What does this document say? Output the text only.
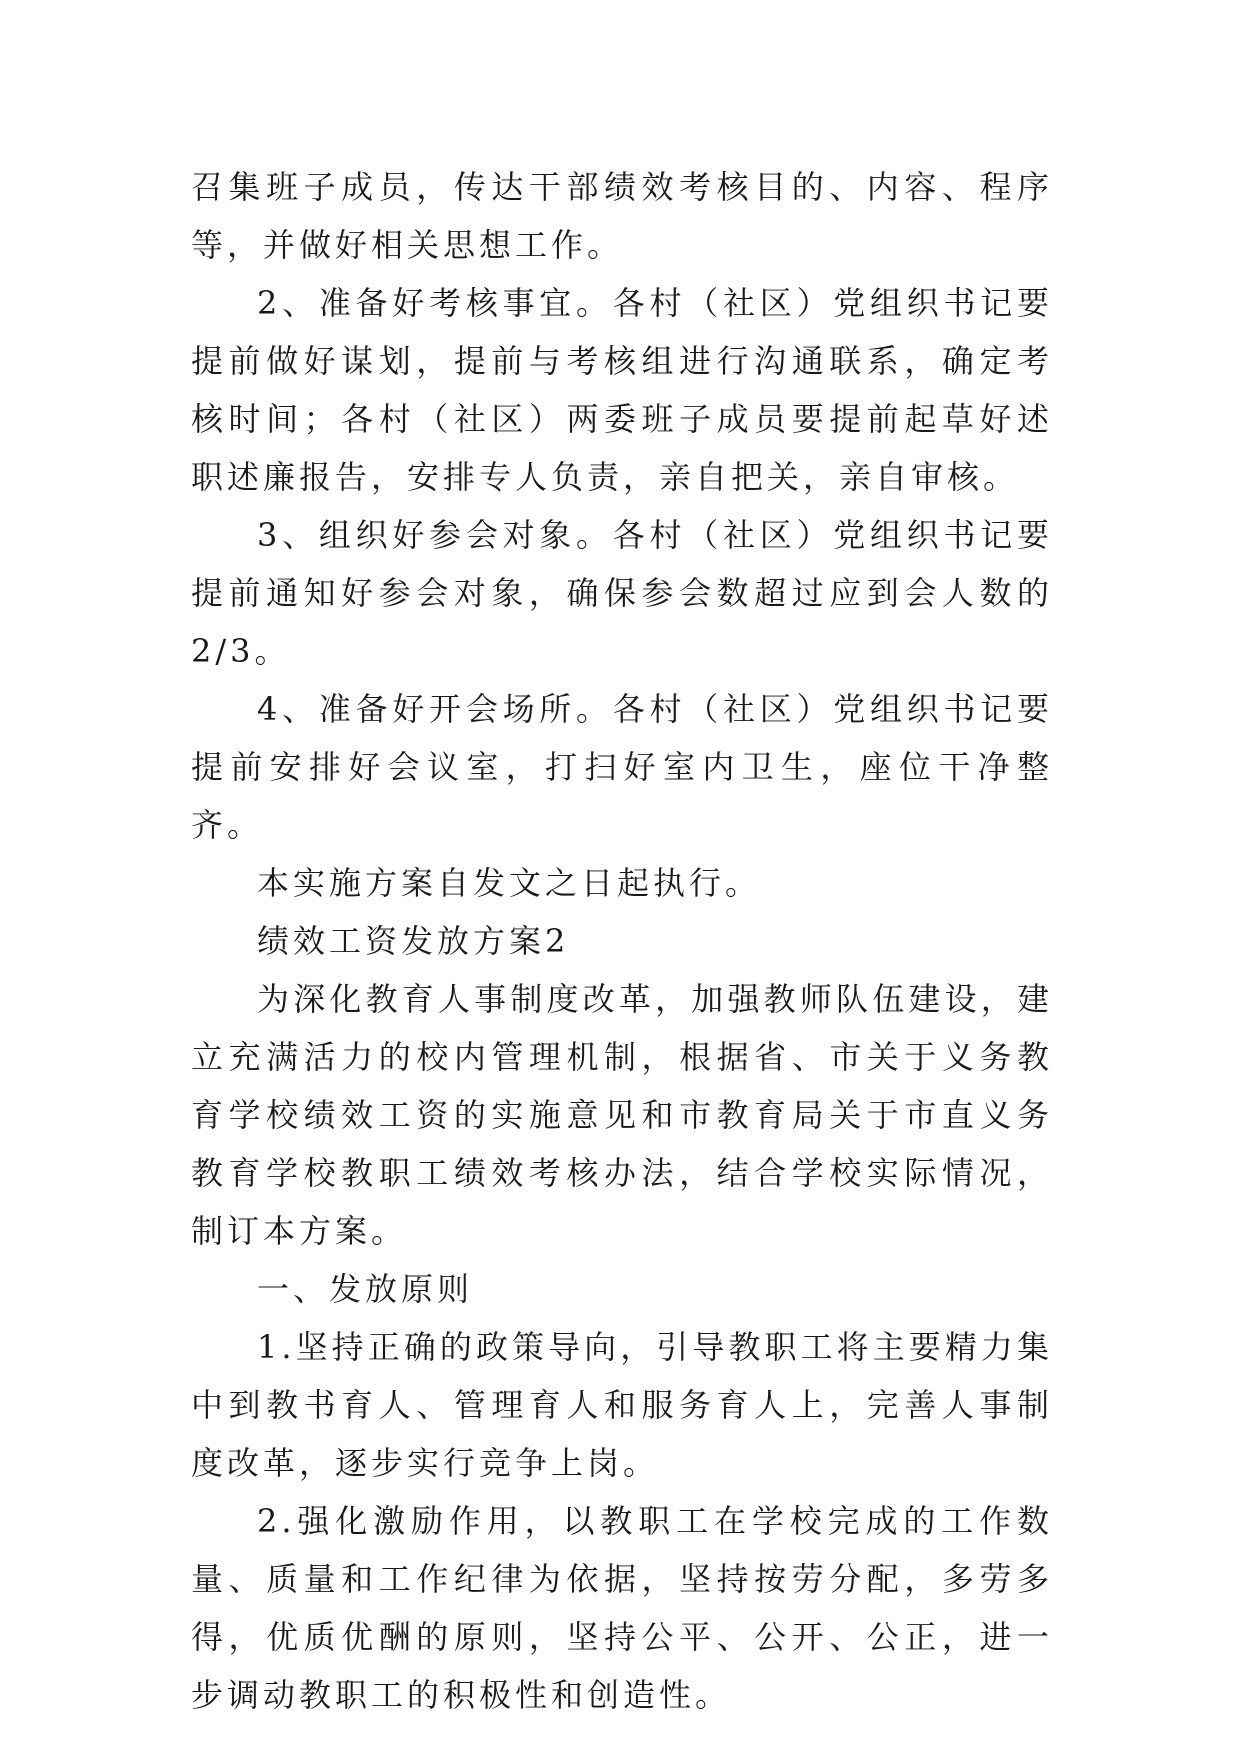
召集班子成员，传达干部绩效考核目的、内容、程序等，并做好相关思想工作。

2、准备好考核事宜。各村（社区）党组织书记要提前做好谋划，提前与考核组进行沟通联系，确定考核时间；各村（社区）两委班子成员要提前起草好述职述廉报告，安排专人负责，亲自把关，亲自审核。

3、组织好参会对象。各村（社区）党组织书记要提前通知好参会对象，确保参会数超过应到会人数的2/3。

4、准备好开会场所。各村（社区）党组织书记要提前安排好会议室，打扫好室内卫生，座位干净整齐。

本实施方案自发文之日起执行。

绩效工资发放方案2

为深化教育人事制度改革，加强教师队伍建设，建立充满活力的校内管理机制，根据省、市关于义务教育学校绩效工资的实施意见和市教育局关于市直义务教育学校教职工绩效考核办法，结合学校实际情况，制订本方案。

一、发放原则

1.坚持正确的政策导向，引导教职工将主要精力集中到教书育人、管理育人和服务育人上，完善人事制度改革，逐步实行竞争上岗。

2.强化激励作用，以教职工在学校完成的工作数量、质量和工作纪律为依据，坚持按劳分配，多劳多得，优质优酬的原则，坚持公平、公开、公正，进一步调动教职工的积极性和创造性。
